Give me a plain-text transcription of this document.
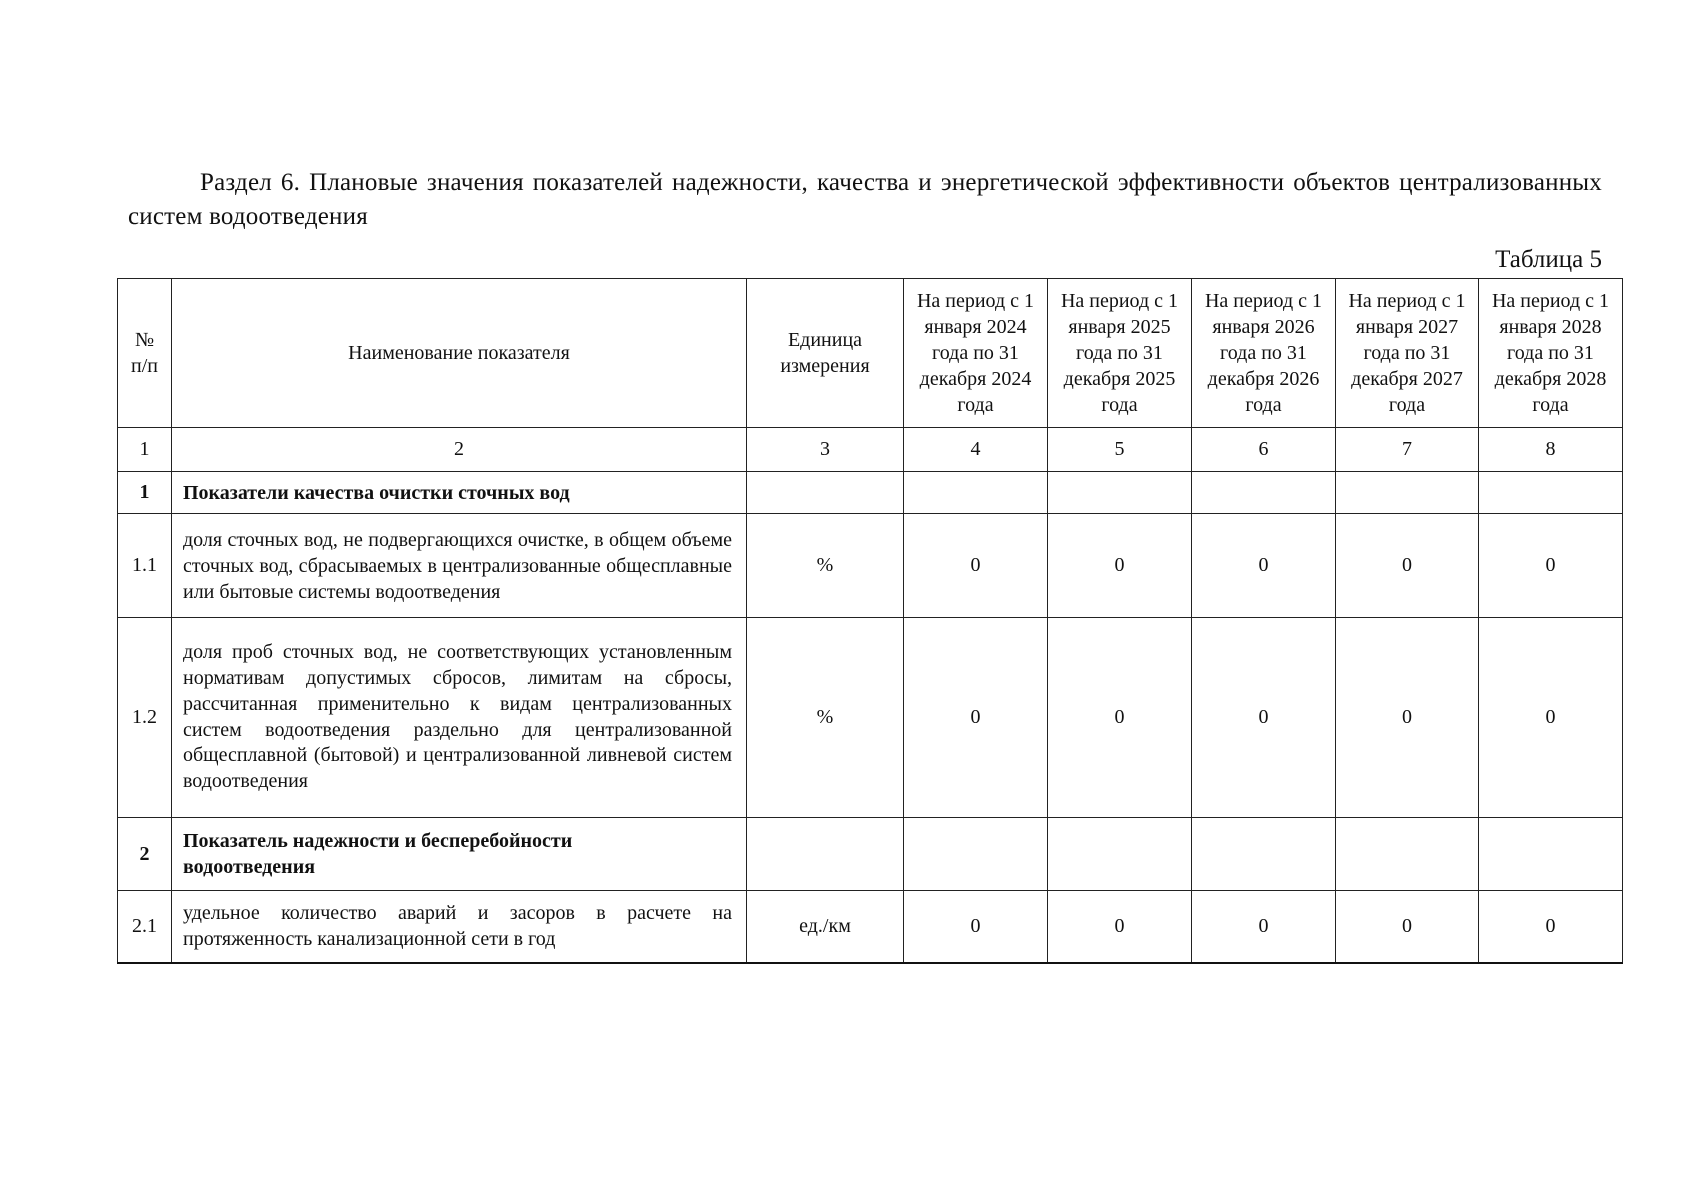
Раздел 6. Плановые значения показателей надежности, качества и энергетической эффективности объектов централизованных систем водоотведения
Таблица 5
№ п/п	Наименование показателя	Единица измерения	На период с 1 января 2024 года по 31 декабря 2024 года	На период с 1 января 2025 года по 31 декабря 2025 года	На период с 1 января 2026 года по 31 декабря 2026 года	На период с 1 января 2027 года по 31 декабря 2027 года	На период с 1 января 2028 года по 31 декабря 2028 года

1	2	3	4	5	6	7	8
1	Показатели качества очистки сточных вод						
1.1	доля сточных вод, не подвергающихся очистке, в общем объеме сточных вод, сбрасываемых в централизованные общесплавные или бытовые системы водоотведения	%	0	0	0	0	0
1.2	доля проб сточных вод, не соответствующих установленным нормативам допустимых сбросов, лимитам на сбросы, рассчитанная применительно к видам централизованных систем водоотведения раздельно для централизованной общесплавной (бытовой) и централизованной ливневой систем водоотведения	%	0	0	0	0	0
2	Показатель надежности и бесперебойности водоотведения						

2.1	удельное количество аварий и засоров в расчете на протяженность канализационной сети в год	ед./км	0	0	0	0	0
